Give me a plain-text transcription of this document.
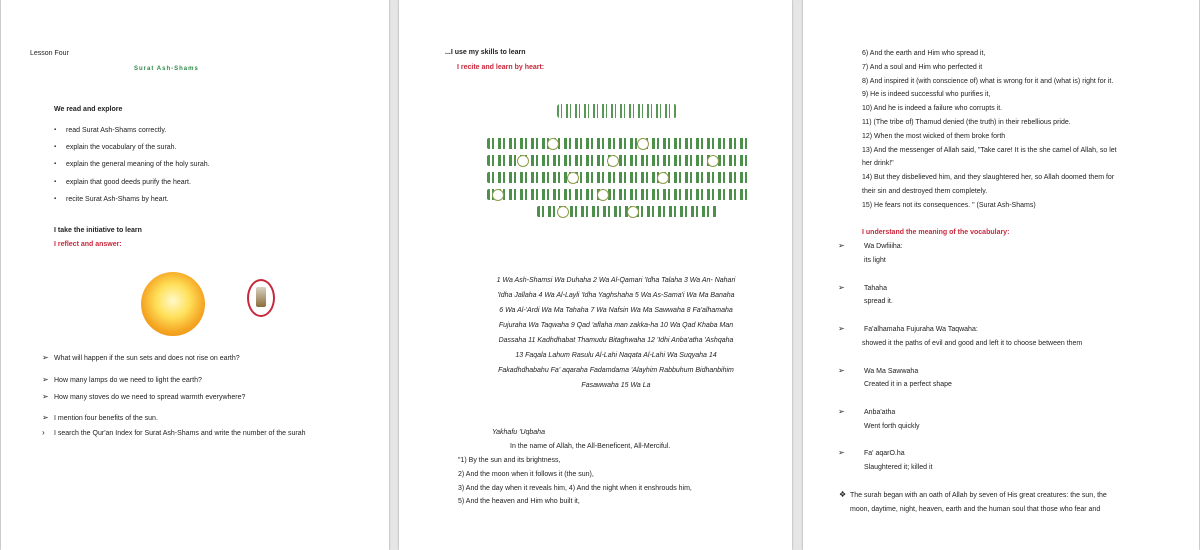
Lesson Four
Surat Ash-Shams
We read and explore
▪ read Surat Ash-Shams correctly.
▪ explain the vocabulary of the surah.
▪ explain the general meaning of the holy surah.
▪ explain that good deeds purify the heart.
▪ recite Surat Ash-Shams by heart.
I take the initiative to learn
I reflect and answer:
➢ What will happen if the sun sets and does not rise on earth?
➢ How many lamps do we need to light the earth?
➢ How many stoves do we need to spread warmth everywhere?
➢ I mention four benefits of the sun.
› I search the Qur'an Index for Surat Ash-Shams and write the number of the surah
...I use my skills to learn
I recite and learn by heart:
1 Wa Ash-Shamsi Wa Duhaha 2 Wa Al-Qamari 'Idha Talaha 3 Wa An- Nahari 'Idha Jallaha 4 Wa Al-Layli 'Idha Yaghshaha 5 Wa As-Sama'i Wa Ma Banaha 6 Wa Al-'Ardi Wa Ma Tahaha 7 Wa Nafsin Wa Ma Sawwaha 8 Fa'alhamaha Fujuraha Wa Taqwaha 9 Qad 'aflaha man zakka-ha 10 Wa Qad Khaba Man Dassaha 11 Kadhdhabat Thamudu Bitaghwaha 12 'Idhi Anba'atha 'Ashqaha 13 Faqala Lahum Rasulu Al-Lahi Naqata Al-Lahi Wa Suqyaha 14 Fakadhdhabahu Fa' aqaraha Fadamdama 'Alayhim Rabbuhum Bidhanbihim Fasawwaha 15 Wa La
Yakhafu 'Uqbaha
In the name of Allah, the All-Beneficent, All-Merciful.
"1) By the sun and its brightness,
2) And the moon when it follows it (the sun),
3) And the day when it reveals him, 4) And the night when it enshrouds him,
5) And the heaven and Him who built it,
6) And the earth and Him who spread it,
7) And a soul and Him who perfected it
8) And inspired it (with conscience of) what is wrong for it and (what is) right for it.
9) He is indeed successful who purifies it,
10) And he is indeed a failure who corrupts it.
11) (The tribe of) Thamud denied (the truth) in their rebellious pride.
12) When the most wicked of them broke forth
13) And the messenger of Allah said, "Take care! It is the she camel of Allah, so let
her drink!"
14) But they disbelieved him, and they slaughtered her, so Allah doomed them for
their sin and destroyed them completely.
15) He fears not its consequences. " (Surat Ash-Shams)
I understand the meaning of the vocabulary:
➢	Wa Dwfiiiha:
its light
➢	Tahaha
spread it.
➢	Fa'alhamaha Fujuraha Wa Taqwaha:
showed it the paths of evil and good and left it to choose between them
➢	Wa Ma Sawwaha
Created it in a perfect shape
➢	Anba'atha
Went forth quickly
➢	Fa' aqarO.ha
Slaughtered it; killed it
❖ The surah began with an oath of Allah by seven of His great creatures: the sun, the
moon, daytime, night, heaven, earth and the human soul that those who fear and
